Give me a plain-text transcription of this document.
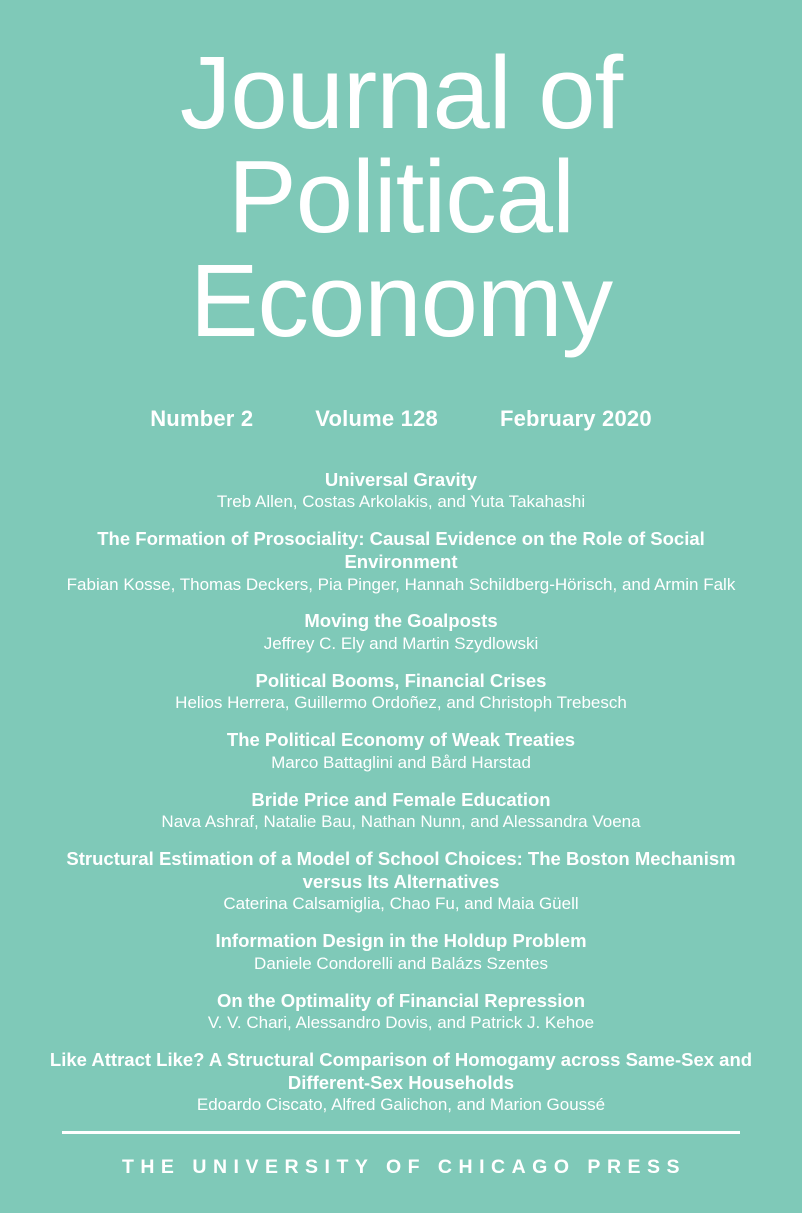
Journal of
Political
Economy
Number 2	Volume 128	February 2020
Universal Gravity
Treb Allen, Costas Arkolakis, and Yuta Takahashi
The Formation of Prosociality: Causal Evidence on the Role of Social Environment
Fabian Kosse, Thomas Deckers, Pia Pinger, Hannah Schildberg-Hörisch, and Armin Falk
Moving the Goalposts
Jeffrey C. Ely and Martin Szydlowski
Political Booms, Financial Crises
Helios Herrera, Guillermo Ordoñez, and Christoph Trebesch
The Political Economy of Weak Treaties
Marco Battaglini and Bård Harstad
Bride Price and Female Education
Nava Ashraf, Natalie Bau, Nathan Nunn, and Alessandra Voena
Structural Estimation of a Model of School Choices: The Boston Mechanism versus Its Alternatives
Caterina Calsamiglia, Chao Fu, and Maia Güell
Information Design in the Holdup Problem
Daniele Condorelli and Balázs Szentes
On the Optimality of Financial Repression
V. V. Chari, Alessandro Dovis, and Patrick J. Kehoe
Like Attract Like? A Structural Comparison of Homogamy across Same-Sex and Different-Sex Households
Edoardo Ciscato, Alfred Galichon, and Marion Goussé
THE UNIVERSITY OF CHICAGO PRESS
